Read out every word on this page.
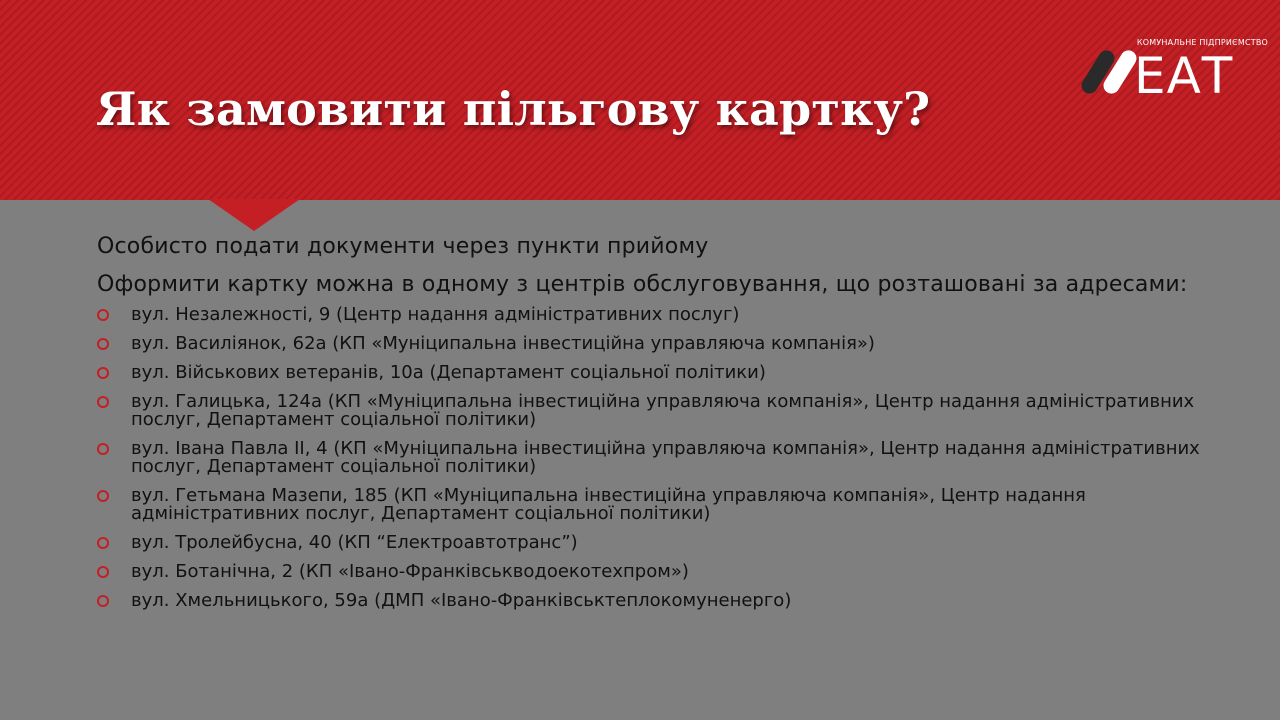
Як замовити пільгову картку?
КОМУНАЛЬНЕ ПІДПРИЄМСТВО
ЕАТ

Особисто подати документи через пункти прийому

Оформити картку можна в одному з центрів обслуговування, що розташовані за адресами:

вул. Незалежності, 9 (Центр надання адміністративних послуг)
вул. Василіянок, 62а (КП «Муніципальна інвестиційна управляюча компанія»)
вул. Військових ветеранів, 10а (Департамент соціальної політики)
вул. Галицька, 124а (КП «Муніципальна інвестиційна управляюча компанія», Центр надання адміністративних послуг, Департамент соціальної політики)
вул. Івана Павла ІІ, 4 (КП «Муніципальна інвестиційна управляюча компанія», Центр надання адміністративних послуг, Департамент соціальної політики)
вул. Гетьмана Мазепи, 185 (КП «Муніципальна інвестиційна управляюча компанія», Центр надання адміністративних послуг, Департамент соціальної політики)
вул. Тролейбусна, 40 (КП “Електроавтотранс”)
вул. Ботанічна, 2 (КП «Івано-Франківськводоекотехпром»)
вул. Хмельницького, 59а (ДМП «Івано-Франківськтеплокомуненерго)
